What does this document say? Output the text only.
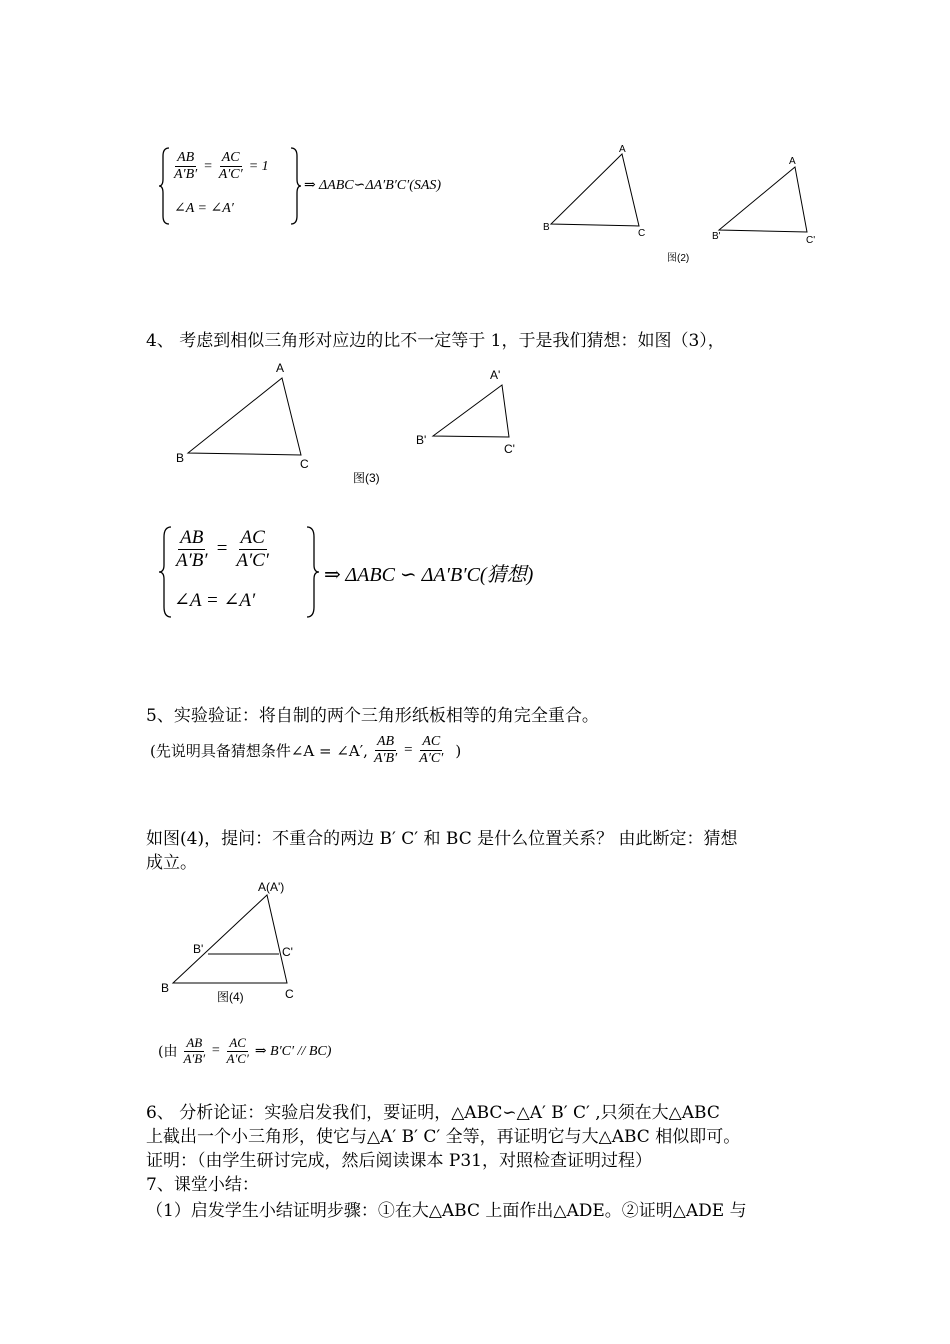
$\frac{AB}{A'B'} = \frac{AC}{A'C'} = 1$
∠A = ∠A′
⇒ ΔABC∽ΔA′B′C′(SAS)
A
B
C
A
B'	C'
图(2)
4、 考虑到相似三角形对应边的比不一定等于 1，于是我们猜想：如图（3），
A
B	C
A'
B'
C'
图(3)
$\frac{AB}{A'B'} = \frac{AC}{A'C'}$
∠A = ∠A′
⇒ ΔABC ∽ ΔA′B′C(猜想)
5、实验验证：将自制的两个三角形纸板相等的角完全重合。
(先说明具备猜想条件∠A = ∠A′, $\frac{AB}{A'B'} = \frac{AC}{A'C'}$ )
如图(4)，提问：不重合的两边 B′ C′ 和 BC 是什么位置关系？ 由此断定：猜想
成立。
A(A')
B'	C'
B	C
图(4)
(由 $\frac{AB}{A'B'} = \frac{AC}{A'C'}$ ⇒ B′C′ // BC)
6、 分析论证：实验启发我们，要证明，△ABC∽△A′ B′ C′ ,只须在大△ABC
上截出一个小三角形，使它与△A′ B′ C′ 全等，再证明它与大△ABC 相似即可。
证明：（由学生研讨完成，然后阅读课本 P31，对照检查证明过程）
7、课堂小结：
（1）启发学生小结证明步骤：①在大△ABC 上面作出△ADE。②证明△ADE 与
